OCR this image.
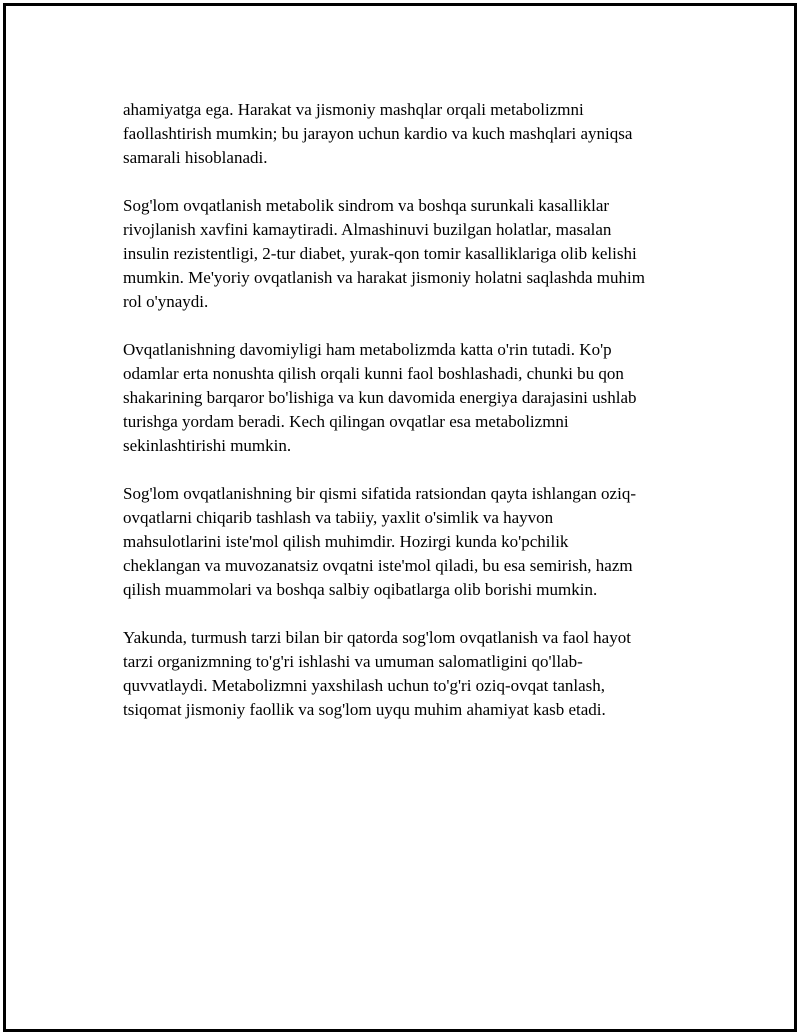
ahamiyatga ega. Harakat va jismoniy mashqlar orqali metabolizmni
faollashtirish mumkin; bu jarayon uchun kardio va kuch mashqlari ayniqsa
samarali hisoblanadi.

Sog'lom ovqatlanish metabolik sindrom va boshqa surunkali kasalliklar
rivojlanish xavfini kamaytiradi. Almashinuvi buzilgan holatlar, masalan
insulin rezistentligi, 2-tur diabet, yurak-qon tomir kasalliklariga olib kelishi
mumkin. Me'yoriy ovqatlanish va harakat jismoniy holatni saqlashda muhim
rol o'ynaydi.

Ovqatlanishning davomiyligi ham metabolizmda katta o'rin tutadi. Ko'p
odamlar erta nonushta qilish orqali kunni faol boshlashadi, chunki bu qon
shakarining barqaror bo'lishiga va kun davomida energiya darajasini ushlab
turishga yordam beradi. Kech qilingan ovqatlar esa metabolizmni
sekinlashtirishi mumkin.

Sog'lom ovqatlanishning bir qismi sifatida ratsiondan qayta ishlangan oziq-
ovqatlarni chiqarib tashlash va tabiiy, yaxlit o'simlik va hayvon
mahsulotlarini iste'mol qilish muhimdir. Hozirgi kunda ko'pchilik
cheklangan va muvozanatsiz ovqatni iste'mol qiladi, bu esa semirish, hazm
qilish muammolari va boshqa salbiy oqibatlarga olib borishi mumkin.

Yakunda, turmush tarzi bilan bir qatorda sog'lom ovqatlanish va faol hayot
tarzi organizmning to'g'ri ishlashi va umuman salomatligini qo'llab-
quvvatlaydi. Metabolizmni yaxshilash uchun to'g'ri oziq-ovqat tanlash,
tsiqomat jismoniy faollik va sog'lom uyqu muhim ahamiyat kasb etadi.
